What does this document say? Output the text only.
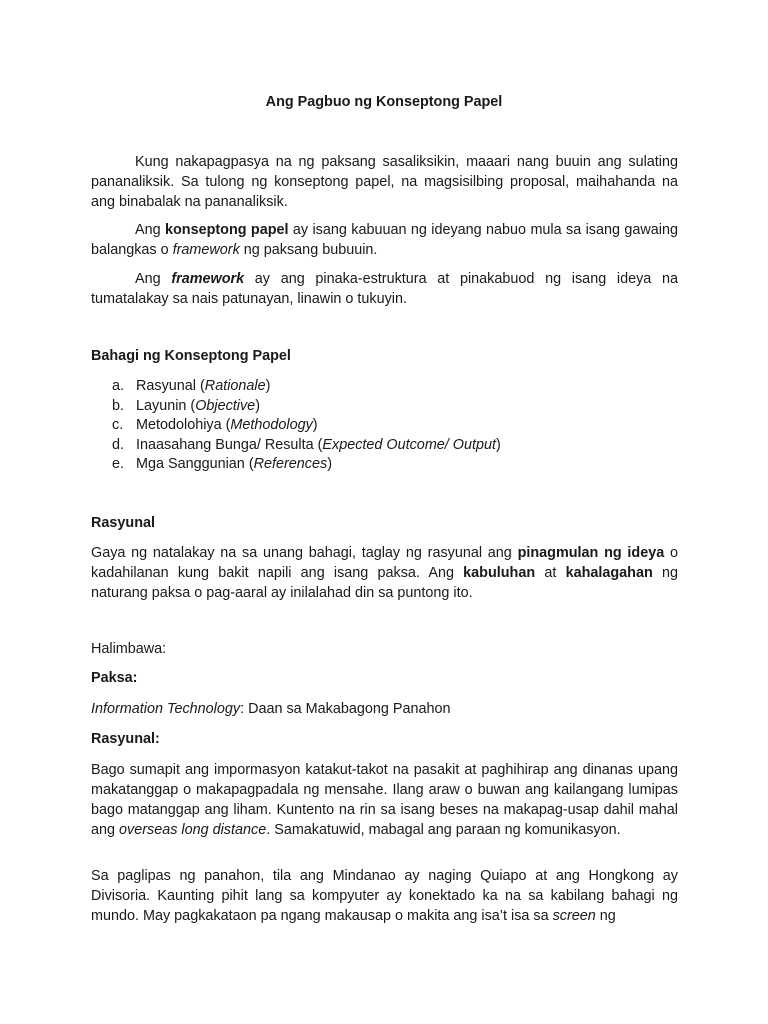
Ang Pagbuo ng Konseptong Papel

Kung nakapagpasya na ng paksang sasaliksikin, maaari nang buuin ang sulating pananaliksik. Sa tulong ng konseptong papel, na magsisilbing proposal, maihahanda na ang binabalak na pananaliksik.

Ang konseptong papel ay isang kabuuan ng ideyang nabuo mula sa isang gawaing balangkas o framework ng paksang bubuuin.

Ang framework ay ang pinaka-estruktura at pinakabuod ng isang ideya na tumatalakay sa nais patunayan, linawin o tukuyin.

Bahagi ng Konseptong Papel
a. Rasyunal (Rationale)
b. Layunin (Objective)
c. Metodolohiya (Methodology)
d. Inaasahang Bunga/ Resulta (Expected Outcome/ Output)
e. Mga Sanggunian (References)
Rasyunal

Gaya ng natalakay na sa unang bahagi, taglay ng rasyunal ang pinagmulan ng ideya o kadahilanan kung bakit napili ang isang paksa. Ang kabuluhan at kahalagahan ng naturang paksa o pag-aaral ay inilalahad din sa puntong ito.

Halimbawa:
Paksa:
Information Technology: Daan sa Makabagong Panahon
Rasyunal:

Bago sumapit ang impormasyon katakut-takot na pasakit at paghihirap ang dinanas upang makatanggap o makapagpadala ng mensahe. Ilang araw o buwan ang kailangang lumipas bago matanggap ang liham. Kuntento na rin sa isang beses na makapag-usap dahil mahal ang overseas long distance. Samakatuwid, mabagal ang paraan ng komunikasyon.

Sa paglipas ng panahon, tila ang Mindanao ay naging Quiapo at ang Hongkong ay Divisoria. Kaunting pihit lang sa kompyuter ay konektado ka na sa kabilang bahagi ng mundo. May pagkakataon pa ngang makausap o makita ang isa’t isa sa screen ng
